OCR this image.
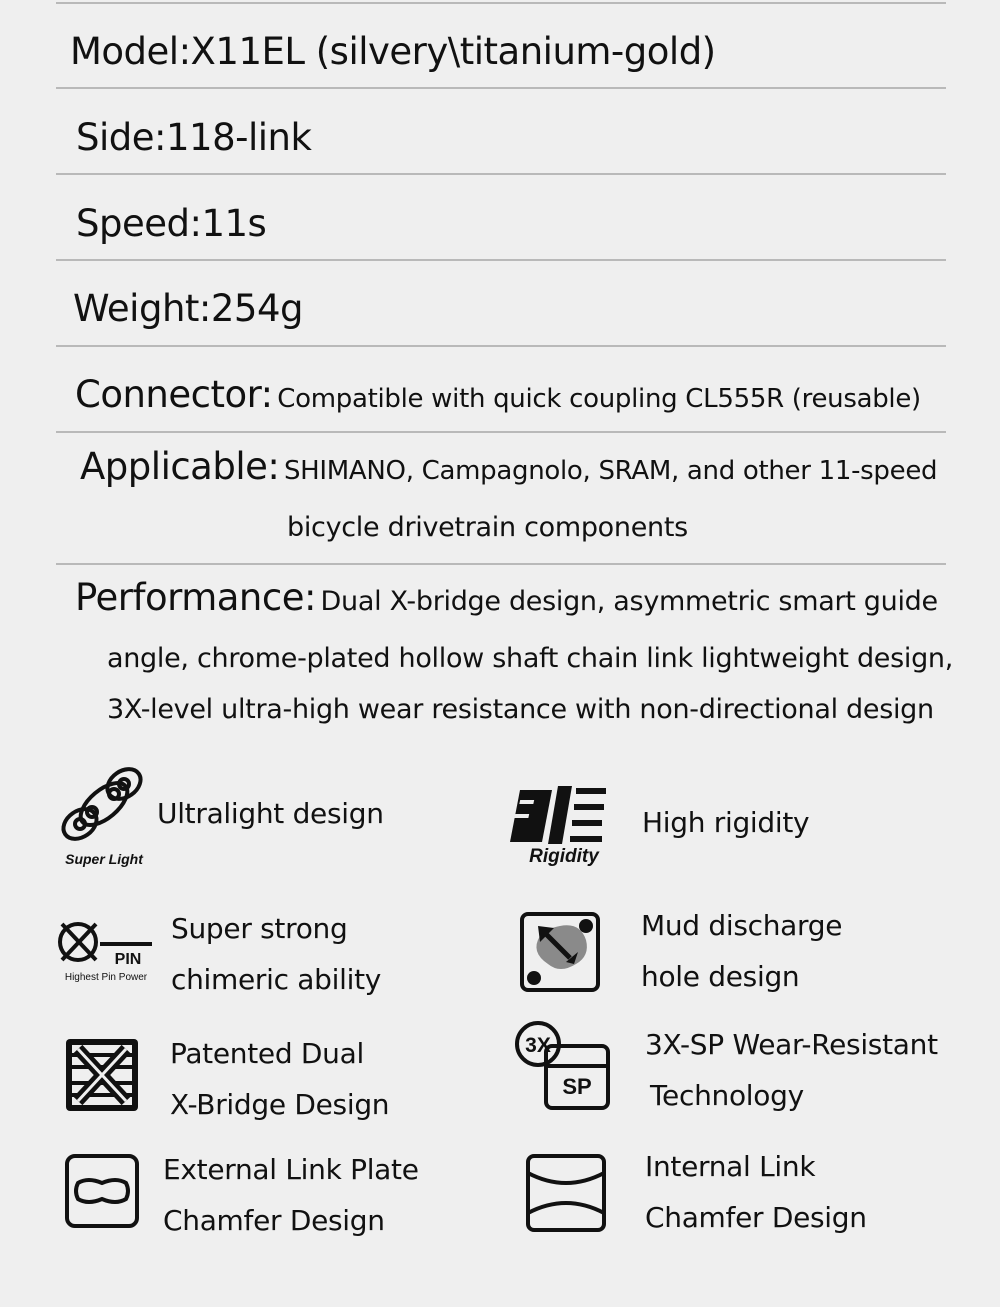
Model:X11EL (silvery\titanium-gold)
Side:118-link
Speed:11s
Weight:254g
Connector: Compatible with quick coupling CL555R (reusable)
Applicable: SHIMANO, Campagnolo, SRAM, and other 11-speed
bicycle drivetrain components
Performance: Dual X-bridge design, asymmetric smart guide
angle, chrome-plated hollow shaft chain link lightweight design,
3X-level ultra-high wear resistance with non-directional design
Super Light
Ultralight design
Rigidity
High rigidity
PIN
Highest Pin Power
Super strong
chimeric ability
Mud discharge
hole design
Patented Dual
X-Bridge Design
3X
SP
3X-SP Wear-Resistant
Technology
External Link Plate
Chamfer Design
Internal Link
Chamfer Design
